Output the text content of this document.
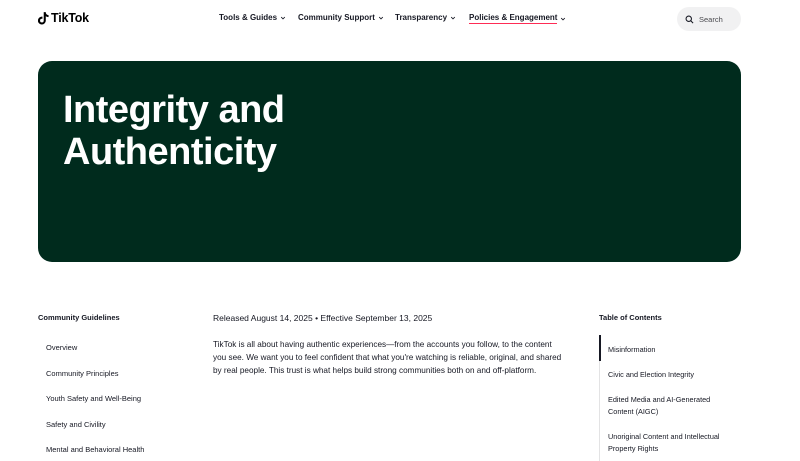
TikTok	Tools & Guides	Community Support	Transparency	Policies & Engagement	Search
Integrity and
Authenticity
Community Guidelines
Overview
Community Principles
Youth Safety and Well-Being
Safety and Civility
Mental and Behavioral Health

Released August 14, 2025 • Effective September 13, 2025

TikTok is all about having authentic experiences—from the accounts you follow, to the content you see. We want you to feel confident that what you're watching is reliable, original, and shared by real people. This trust is what helps build strong communities both on and off-platform.

Table of Contents
Misinformation
Civic and Election Integrity
Edited Media and AI-Generated Content (AIGC)
Unoriginal Content and Intellectual Property Rights
